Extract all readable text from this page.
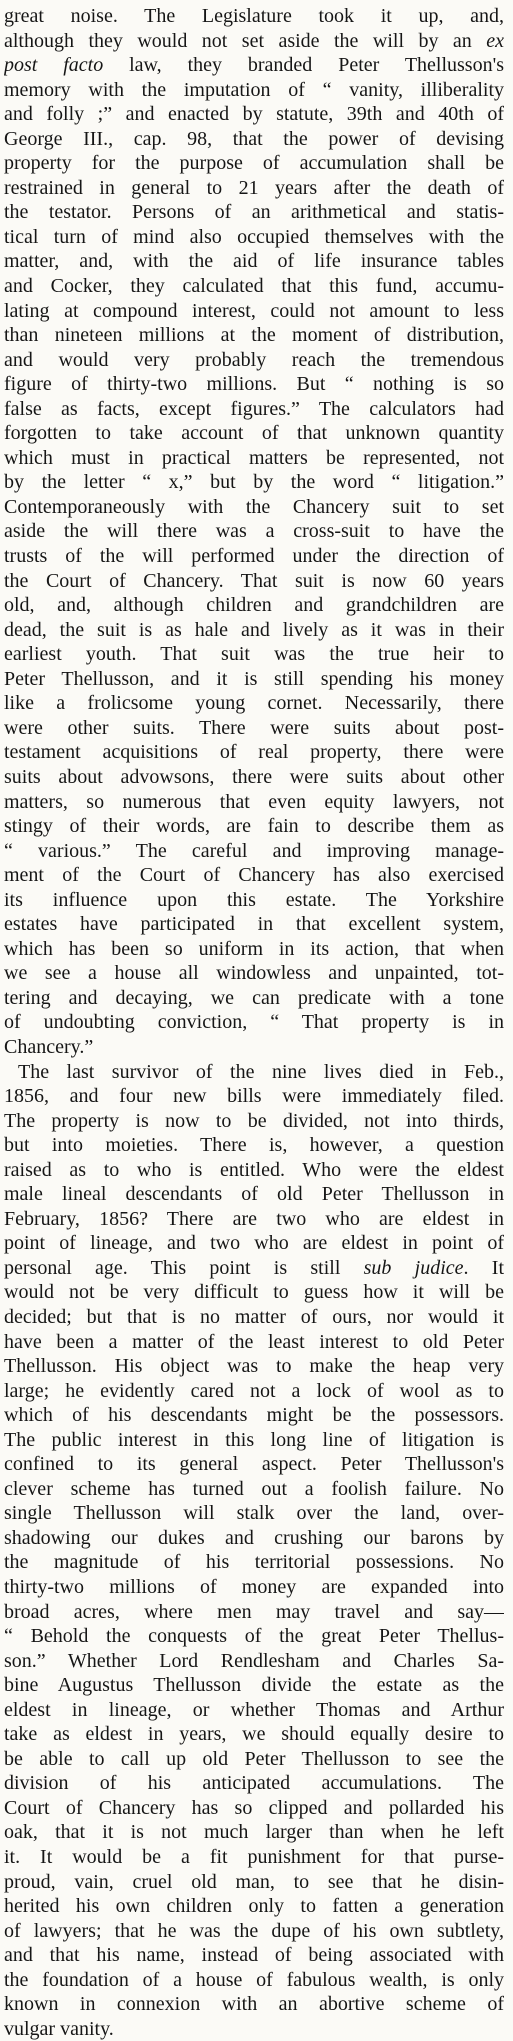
great noise. The Legislature took it up, and,
although they would not set aside the will by an ex
post facto law, they branded Peter Thellusson's
memory with the imputation of “ vanity, illiberality
and folly ;” and enacted by statute, 39th and 40th of
George III., cap. 98, that the power of devising
property for the purpose of accumulation shall be
restrained in general to 21 years after the death of
the testator. Persons of an arithmetical and statis-
tical turn of mind also occupied themselves with the
matter, and, with the aid of life insurance tables
and Cocker, they calculated that this fund, accumu-
lating at compound interest, could not amount to less
than nineteen millions at the moment of distribution,
and would very probably reach the tremendous
figure of thirty-two millions. But “ nothing is so
false as facts, except figures.” The calculators had
forgotten to take account of that unknown quantity
which must in practical matters be represented, not
by the letter “ x,” but by the word “ litigation.”
Contemporaneously with the Chancery suit to set
aside the will there was a cross-suit to have the
trusts of the will performed under the direction of
the Court of Chancery. That suit is now 60 years
old, and, although children and grandchildren are
dead, the suit is as hale and lively as it was in their
earliest youth. That suit was the true heir to
Peter Thellusson, and it is still spending his money
like a frolicsome young cornet. Necessarily, there
were other suits. There were suits about post-
testament acquisitions of real property, there were
suits about advowsons, there were suits about other
matters, so numerous that even equity lawyers, not
stingy of their words, are fain to describe them as
“ various.” The careful and improving manage-
ment of the Court of Chancery has also exercised
its influence upon this estate. The Yorkshire
estates have participated in that excellent system,
which has been so uniform in its action, that when
we see a house all windowless and unpainted, tot-
tering and decaying, we can predicate with a tone
of undoubting conviction, “ That property is in
Chancery.”
The last survivor of the nine lives died in Feb.,
1856, and four new bills were immediately filed.
The property is now to be divided, not into thirds,
but into moieties. There is, however, a question
raised as to who is entitled. Who were the eldest
male lineal descendants of old Peter Thellusson in
February, 1856? There are two who are eldest in
point of lineage, and two who are eldest in point of
personal age. This point is still sub judice. It
would not be very difficult to guess how it will be
decided; but that is no matter of ours, nor would it
have been a matter of the least interest to old Peter
Thellusson. His object was to make the heap very
large; he evidently cared not a lock of wool as to
which of his descendants might be the possessors.
The public interest in this long line of litigation is
confined to its general aspect. Peter Thellusson's
clever scheme has turned out a foolish failure. No
single Thellusson will stalk over the land, over-
shadowing our dukes and crushing our barons by
the magnitude of his territorial possessions. No
thirty-two millions of money are expanded into
broad acres, where men may travel and say—
“ Behold the conquests of the great Peter Thellus-
son.” Whether Lord Rendlesham and Charles Sa-
bine Augustus Thellusson divide the estate as the
eldest in lineage, or whether Thomas and Arthur
take as eldest in years, we should equally desire to
be able to call up old Peter Thellusson to see the
division of his anticipated accumulations. The
Court of Chancery has so clipped and pollarded his
oak, that it is not much larger than when he left
it. It would be a fit punishment for that purse-
proud, vain, cruel old man, to see that he disin-
herited his own children only to fatten a generation
of lawyers; that he was the dupe of his own subtlety,
and that his name, instead of being associated with
the foundation of a house of fabulous wealth, is only
known in connexion with an abortive scheme of
vulgar vanity.
